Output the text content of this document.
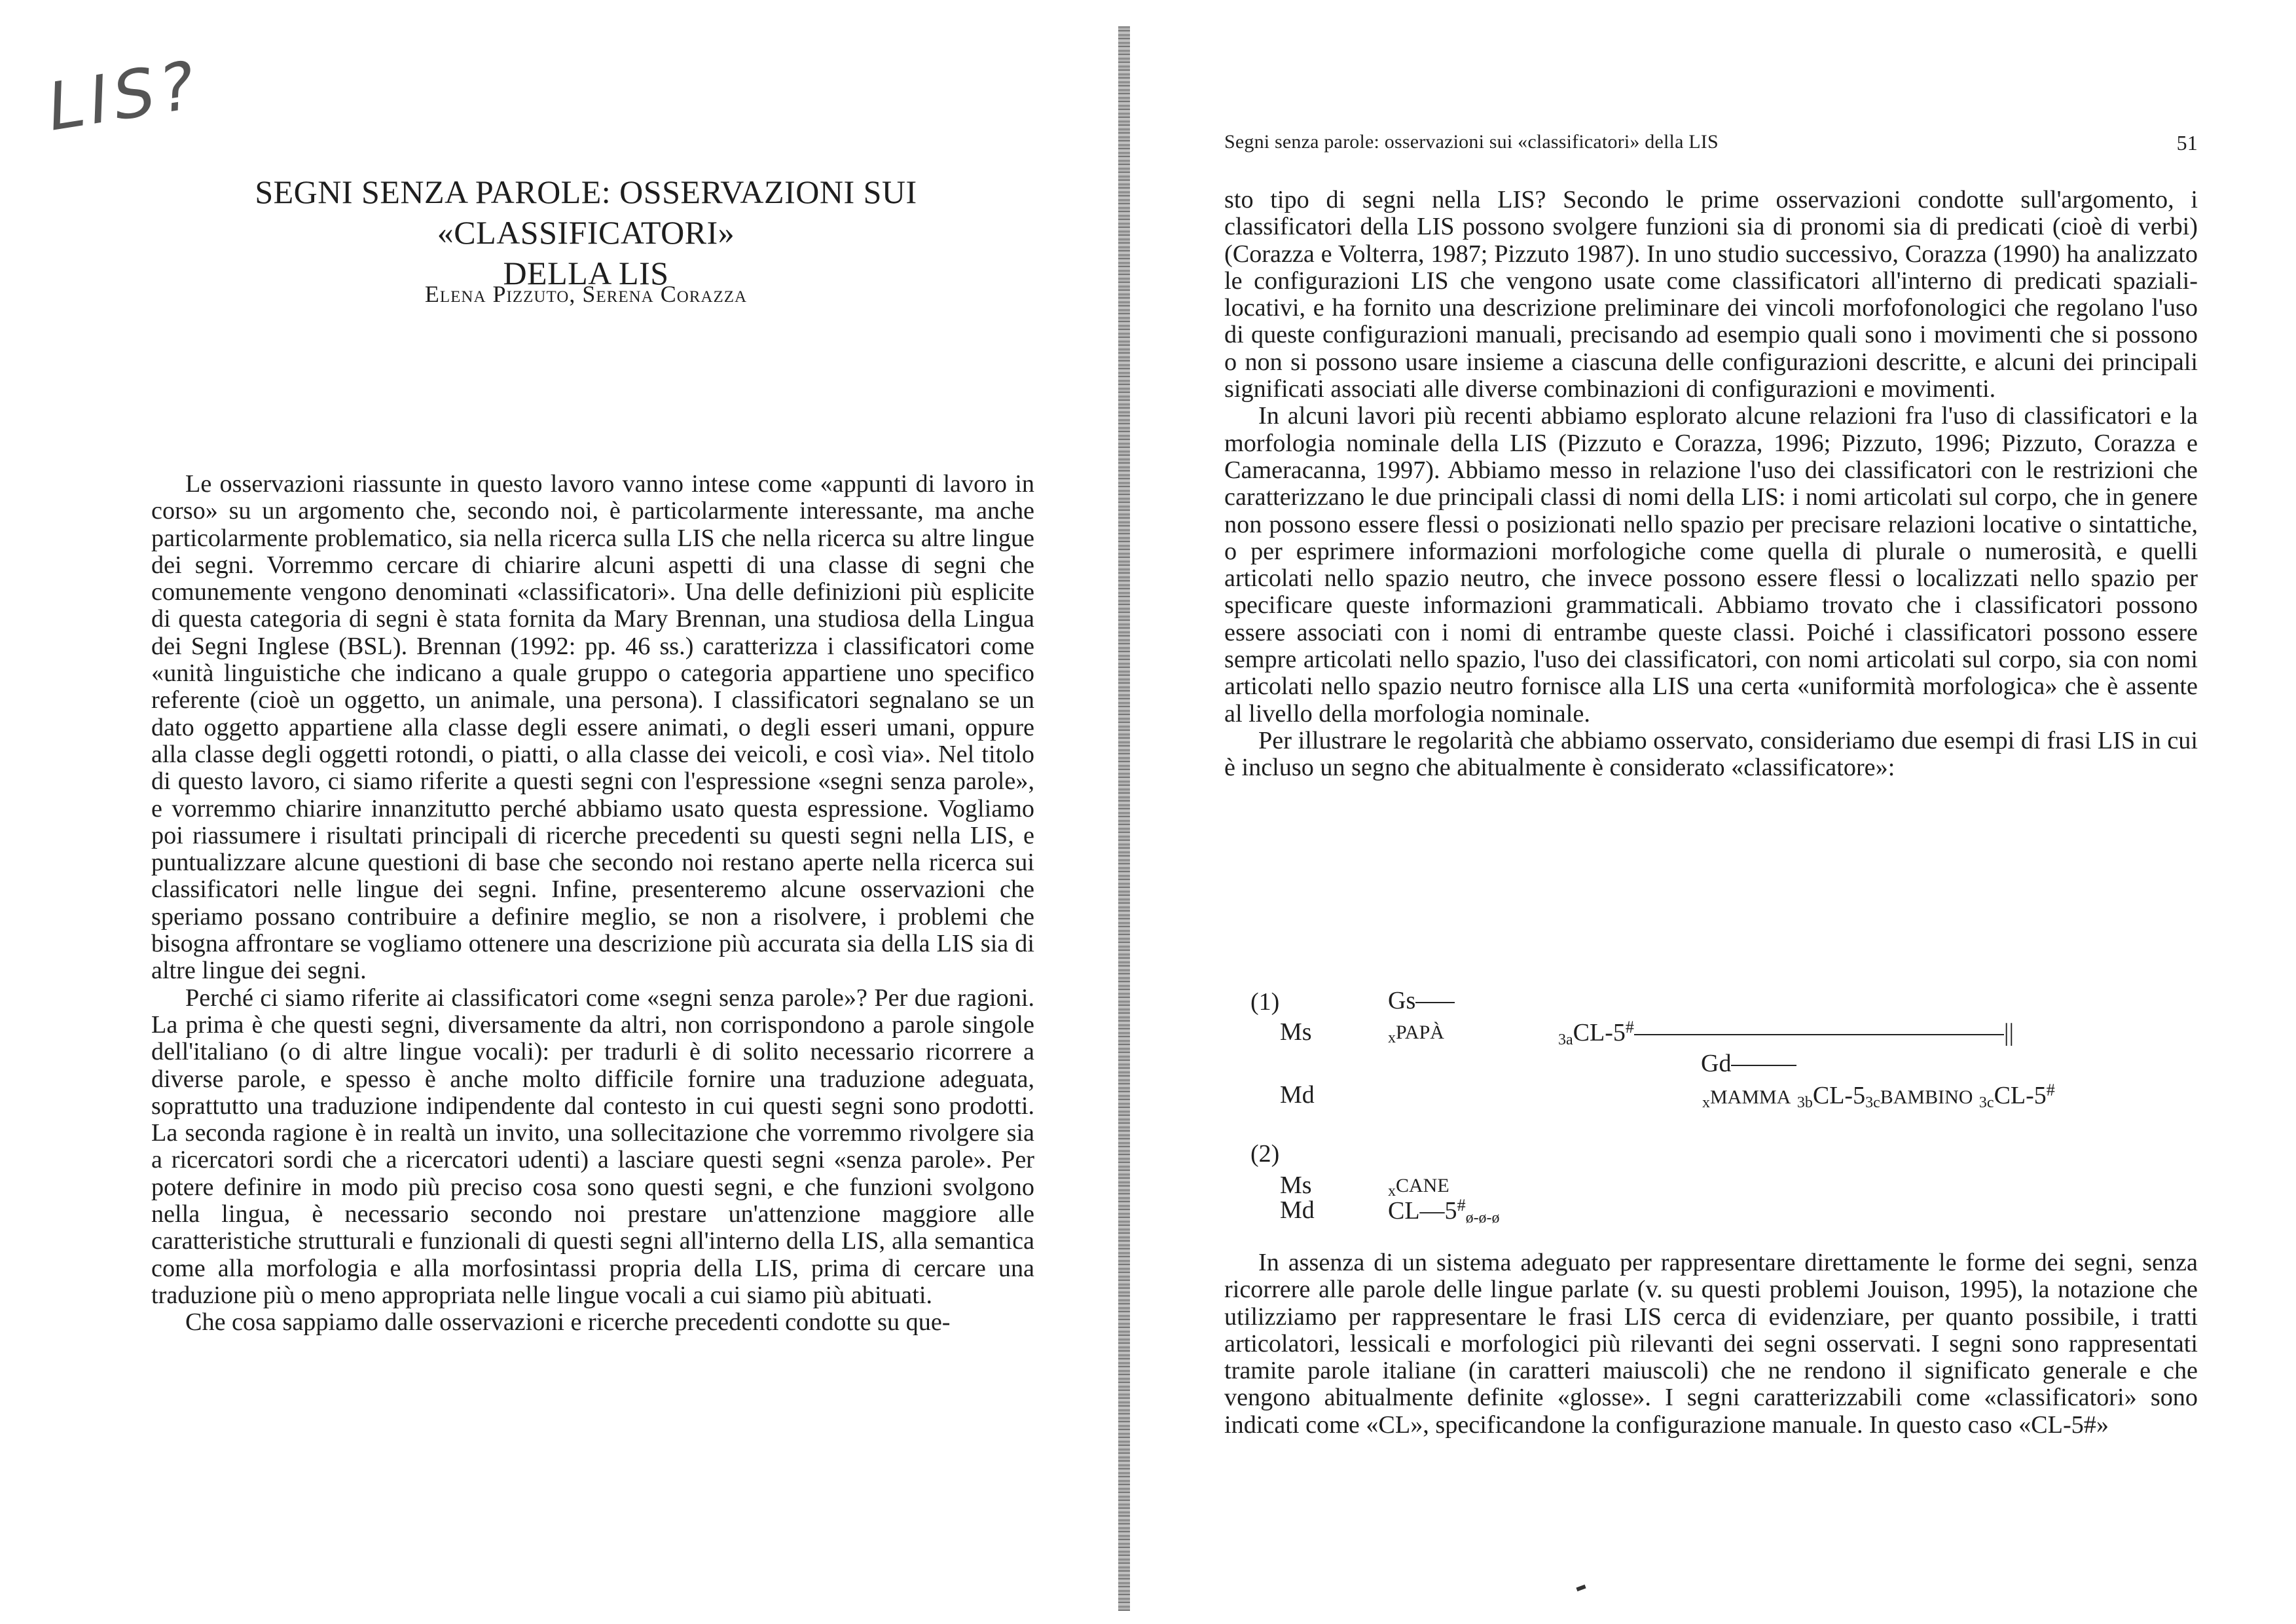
LIS?
SEGNI SENZA PAROLE: OSSERVAZIONI SUI «CLASSIFICATORI»
DELLA LIS
Elena Pizzuto, Serena Corazza

Le osservazioni riassunte in questo lavoro vanno intese come «appunti di lavoro in corso» su un argomento che, secondo noi, è particolarmente interessante, ma anche particolarmente problematico, sia nella ricerca sulla LIS che nella ricerca su altre lingue dei segni. Vorremmo cercare di chiarire alcuni aspetti di una classe di segni che comunemente vengono denominati «classificatori». Una delle definizioni più esplicite di questa categoria di segni è stata fornita da Mary Brennan, una studiosa della Lingua dei Segni Inglese (BSL). Brennan (1992: pp. 46 ss.) caratterizza i classificatori come «unità linguistiche che indicano a quale gruppo o categoria appartiene uno specifico referente (cioè un oggetto, un animale, una persona). I classificatori segnalano se un dato oggetto appartiene alla classe degli essere animati, o degli esseri umani, oppure alla classe degli oggetti rotondi, o piatti, o alla classe dei veicoli, e così via». Nel titolo di questo lavoro, ci siamo riferite a questi segni con l'espressione «segni senza parole», e vorremmo chiarire innanzitutto perché abbiamo usato questa espressione. Vogliamo poi riassumere i risultati principali di ricerche precedenti su questi segni nella LIS, e puntualizzare alcune questioni di base che secondo noi restano aperte nella ricerca sui classificatori nelle lingue dei segni. Infine, presenteremo alcune osservazioni che speriamo possano contribuire a definire meglio, se non a risolvere, i problemi che bisogna affrontare se vogliamo ottenere una descrizione più accurata sia della LIS sia di altre lingue dei segni.

Perché ci siamo riferite ai classificatori come «segni senza parole»? Per due ragioni. La prima è che questi segni, diversamente da altri, non corrispondono a parole singole dell'italiano (o di altre lingue vocali): per tradurli è di solito necessario ricorrere a diverse parole, e spesso è anche molto difficile fornire una traduzione adeguata, soprattutto una traduzione indipendente dal contesto in cui questi segni sono prodotti. La seconda ragione è in realtà un invito, una sollecitazione che vorremmo rivolgere sia a ricercatori sordi che a ricercatori udenti) a lasciare questi segni «senza parole». Per potere definire in modo più preciso cosa sono questi segni, e che funzioni svolgono nella lingua, è necessario secondo noi prestare un'attenzione maggiore alle caratteristiche strutturali e funzionali di questi segni all'interno della LIS, alla semantica come alla morfologia e alla morfosintassi propria della LIS, prima di cercare una traduzione più o meno appropriata nelle lingue vocali a cui siamo più abituati.

Che cosa sappiamo dalle osservazioni e ricerche precedenti condotte su que-

Segni senza parole: osservazioni sui «classificatori» della LIS	51

sto tipo di segni nella LIS? Secondo le prime osservazioni condotte sull'argomento, i classificatori della LIS possono svolgere funzioni sia di pronomi sia di predicati (cioè di verbi) (Corazza e Volterra, 1987; Pizzuto 1987). In uno studio successivo, Corazza (1990) ha analizzato le configurazioni LIS che vengono usate come classificatori all'interno di predicati spaziali-locativi, e ha fornito una descrizione preliminare dei vincoli morfofonologici che regolano l'uso di queste configurazioni manuali, precisando ad esempio quali sono i movimenti che si possono o non si possono usare insieme a ciascuna delle configurazioni descritte, e alcuni dei principali significati associati alle diverse combinazioni di configurazioni e movimenti.

In alcuni lavori più recenti abbiamo esplorato alcune relazioni fra l'uso di classificatori e la morfologia nominale della LIS (Pizzuto e Corazza, 1996; Pizzuto, 1996; Pizzuto, Corazza e Cameracanna, 1997). Abbiamo messo in relazione l'uso dei classificatori con le restrizioni che caratterizzano le due principali classi di nomi della LIS: i nomi articolati sul corpo, che in genere non possono essere flessi o posizionati nello spazio per precisare relazioni locative o sintattiche, o per esprimere informazioni morfologiche come quella di plurale o numerosità, e quelli articolati nello spazio neutro, che invece possono essere flessi o localizzati nello spazio per specificare queste informazioni grammaticali. Abbiamo trovato che i classificatori possono essere associati con i nomi di entrambe queste classi. Poiché i classificatori possono essere sempre articolati nello spazio, l'uso dei classificatori, con nomi articolati sul corpo, sia con nomi articolati nello spazio neutro fornisce alla LIS una certa «uniformità morfologica» che è assente al livello della morfologia nominale.

Per illustrare le regolarità che abbiamo osservato, consideriamo due esempi di frasi LIS in cui è incluso un segno che abitualmente è considerato «classificatore»:

(1)	Gs
Ms	$_x$PAPÀ	$_{3a}$CL-5#	||
Gd
Md	$_x$MAMMA $_{3b}CL-5_{3c}BAMBINO$ $_{3c}$CL-5#
(2)
Ms	$_x$CANE
Md	$CL—5^{\#}_{ø-ø-ø}$

In assenza di un sistema adeguato per rappresentare direttamente le forme dei segni, senza ricorrere alle parole delle lingue parlate (v. su questi problemi Jouison, 1995), la notazione che utilizziamo per rappresentare le frasi LIS cerca di evidenziare, per quanto possibile, i tratti articolatori, lessicali e morfologici più rilevanti dei segni osservati. I segni sono rappresentati tramite parole italiane (in caratteri maiuscoli) che ne rendono il significato generale e che vengono abitualmente definite «glosse». I segni caratterizzabili come «classificatori» sono indicati come «CL», specificandone la configurazione manuale. In questo caso «CL-5#»
